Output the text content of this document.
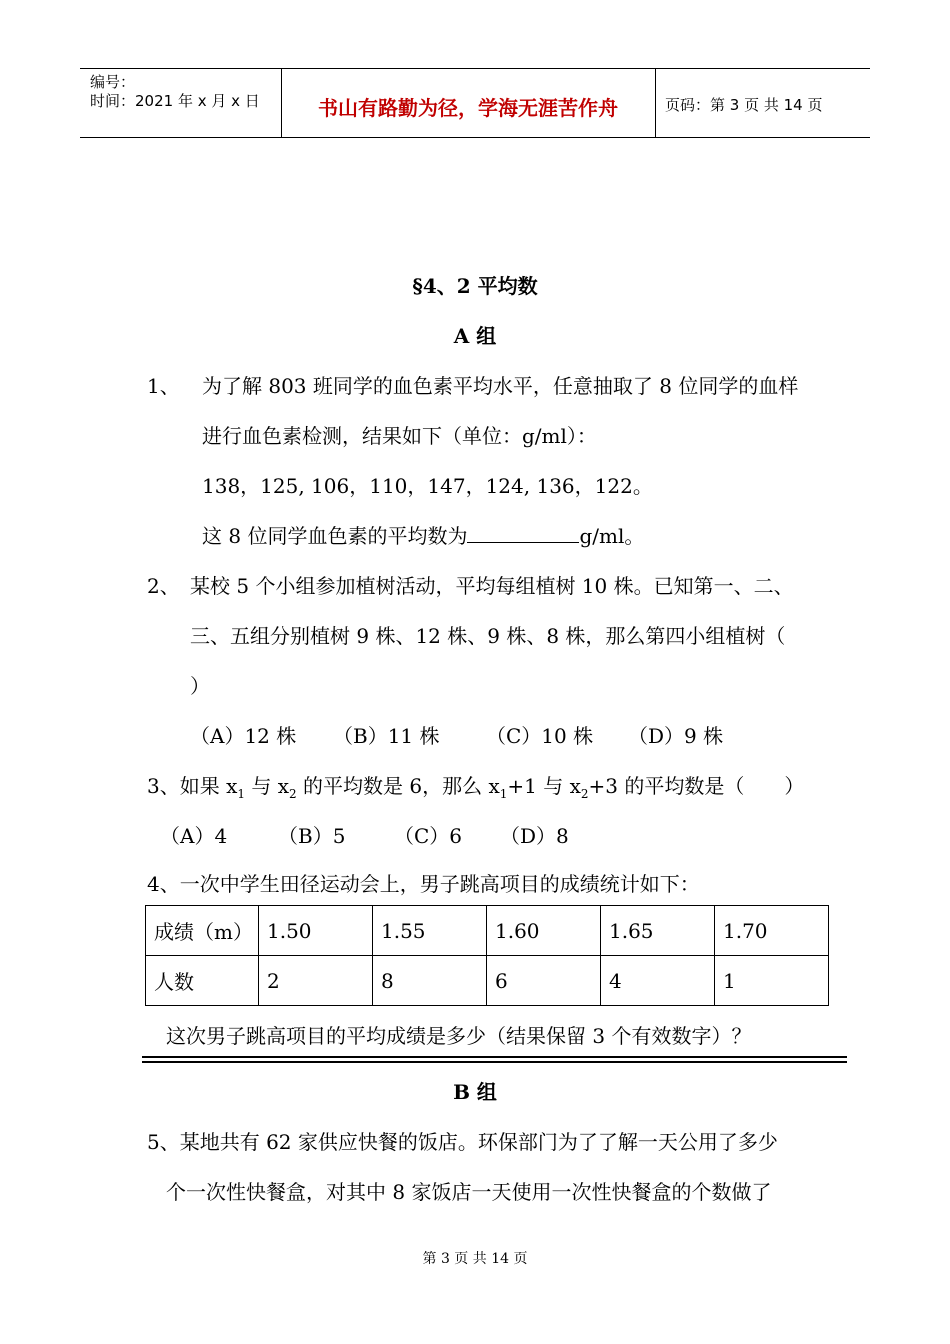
编号：
时间：2021 年 x 月 x 日	书山有路勤为径，学海无涯苦作舟	页码：第 3 页 共 14 页
§4、2 平均数
A 组
1、 为了解 803 班同学的血色素平均水平，任意抽取了 8 位同学的血样
进行血色素检测，结果如下（单位：g/ml）：
138，125, 106，110，147，124, 136，122。
这 8 位同学血色素的平均数为	g/ml。
2、 某校 5 个小组参加植树活动，平均每组植树 10 株。已知第一、二、
三、五组分别植树 9 株、12 株、9 株、8 株，那么第四小组植树（
）
（A）12 株 （B）11 株 （C）10 株 （D）9 株
3、如果 $x_1$ 与 $x_2$ 的平均数是 6，那么 $x_1+1$ 与 $x_2+3$ 的平均数是（　　）
（A）4	（B）5 （C）6 （D）8
4、一次中学生田径运动会上，男子跳高项目的成绩统计如下：
成绩（m）	1.50	1.55	1.60	1.65	1.70
人数	2	8	6	4	1
这次男子跳高项目的平均成绩是多少（结果保留 3 个有效数字）？
B 组
5、某地共有 62 家供应快餐的饭店。环保部门为了了解一天公用了多少
个一次性快餐盒，对其中 8 家饭店一天使用一次性快餐盒的个数做了
第 3 页 共 14 页
